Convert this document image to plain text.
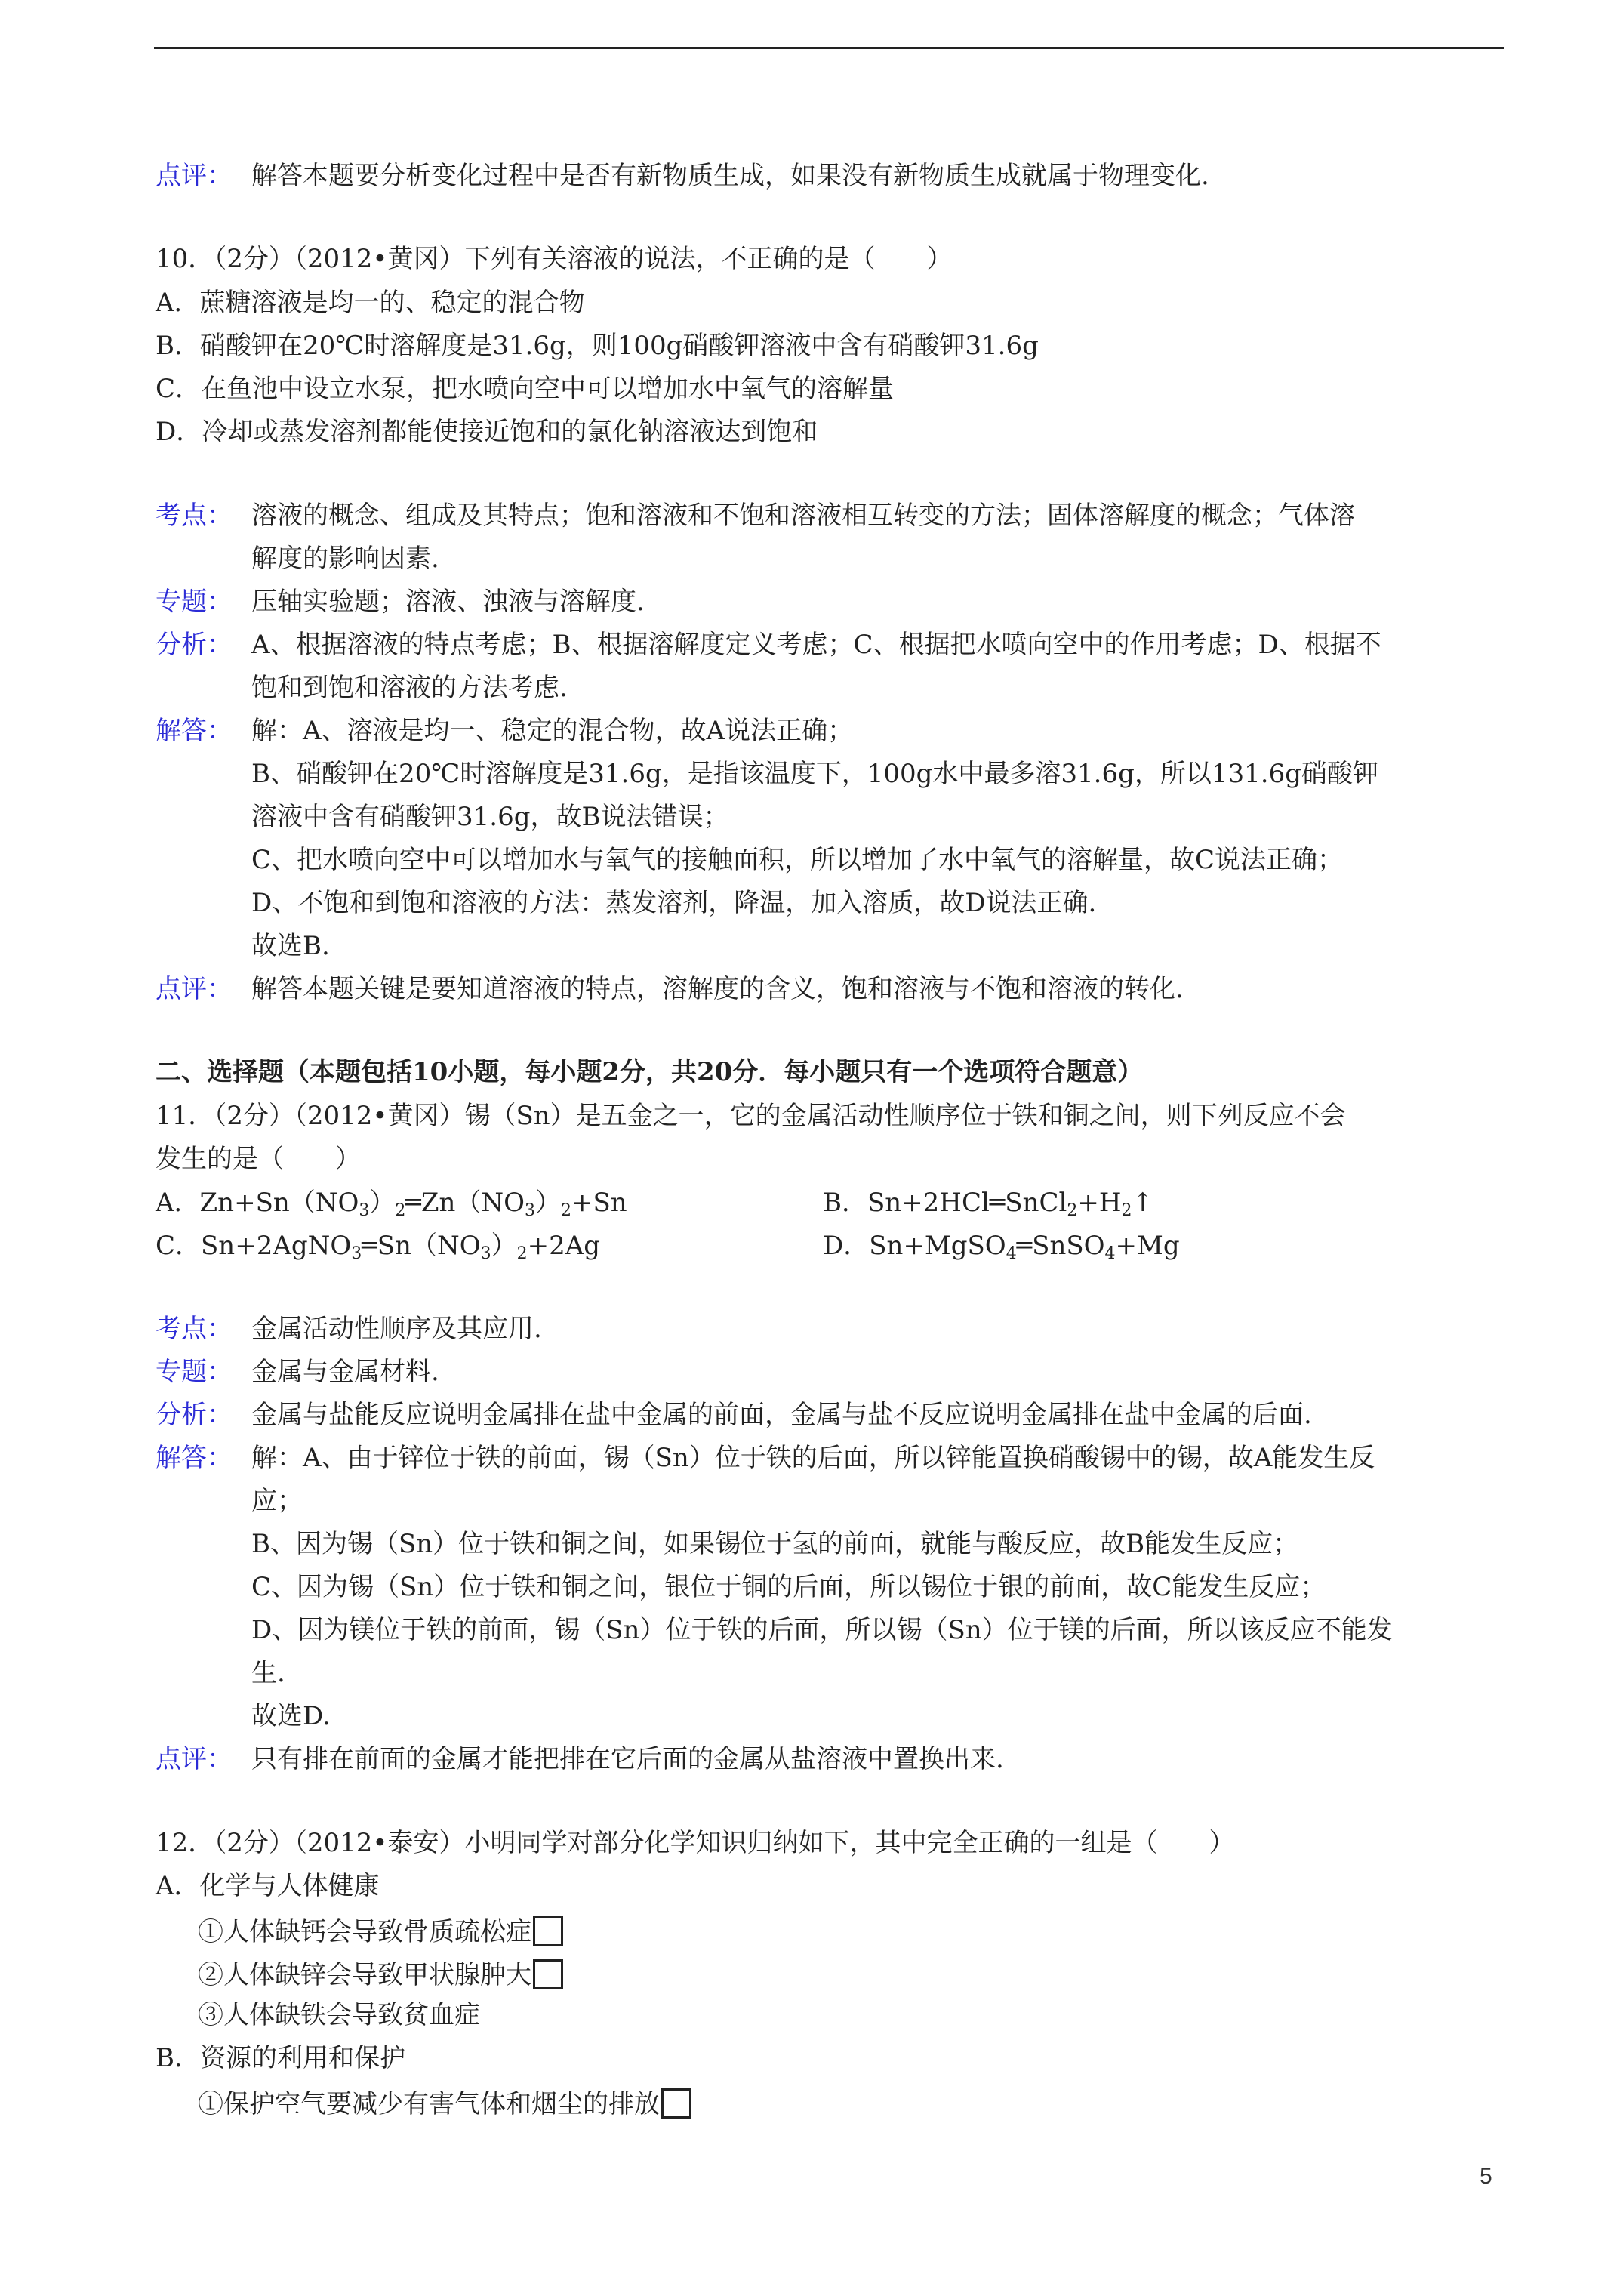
点评： 解答本题要分析变化过程中是否有新物质生成，如果没有新物质生成就属于物理变化.
10．（2分）（2012•黄冈）下列有关溶液的说法，不正确的是（　　）
A．蔗糖溶液是均一的、稳定的混合物
B．硝酸钾在20℃时溶解度是31.6g，则100g硝酸钾溶液中含有硝酸钾31.6g
C．在鱼池中设立水泵，把水喷向空中可以增加水中氧气的溶解量
D．冷却或蒸发溶剂都能使接近饱和的氯化钠溶液达到饱和
考点： 溶液的概念、组成及其特点；饱和溶液和不饱和溶液相互转变的方法；固体溶解度的概念；气体溶
解度的影响因素.
专题： 压轴实验题；溶液、浊液与溶解度.
分析： A、根据溶液的特点考虑；B、根据溶解度定义考虑；C、根据把水喷向空中的作用考虑；D、根据不
饱和到饱和溶液的方法考虑.
解答： 解：A、溶液是均一、稳定的混合物，故A说法正确；
B、硝酸钾在20℃时溶解度是31.6g，是指该温度下，100g水中最多溶31.6g，所以131.6g硝酸钾
溶液中含有硝酸钾31.6g，故B说法错误；
C、把水喷向空中可以增加水与氧气的接触面积，所以增加了水中氧气的溶解量，故C说法正确；
D、不饱和到饱和溶液的方法：蒸发溶剂，降温，加入溶质，故D说法正确.
故选B.
点评： 解答本题关键是要知道溶液的特点，溶解度的含义，饱和溶液与不饱和溶液的转化.
二、选择题（本题包括10小题，每小题2分，共20分．每小题只有一个选项符合题意）
11．（2分）（2012•黄冈）锡（Sn）是五金之一，它的金属活动性顺序位于铁和铜之间，则下列反应不会
发生的是（　　）
A．$Zn+Sn(NO_3)_2═Zn(NO_3)_2+Sn$	B．$Sn+2HCl═SnCl_2+H_2↑$
C．$Sn+2AgNO_3═Sn(NO_3)_2+2Ag$	D．Sn+MgSO$_4$═SnSO$_4$+Mg
考点： 金属活动性顺序及其应用.
专题： 金属与金属材料.
分析： 金属与盐能反应说明金属排在盐中金属的前面，金属与盐不反应说明金属排在盐中金属的后面.
解答： 解：A、由于锌位于铁的前面，锡（Sn）位于铁的后面，所以锌能置换硝酸锡中的锡，故A能发生反
应；
B、因为锡（Sn）位于铁和铜之间，如果锡位于氢的前面，就能与酸反应，故B能发生反应；
C、因为锡（Sn）位于铁和铜之间，银位于铜的后面，所以锡位于银的前面，故C能发生反应；
D、因为镁位于铁的前面，锡（Sn）位于铁的后面，所以锡（Sn）位于镁的后面，所以该反应不能发
生.
故选D.
点评： 只有排在前面的金属才能把排在它后面的金属从盐溶液中置换出来.
12．（2分）（2012•泰安）小明同学对部分化学知识归纳如下，其中完全正确的一组是（　　）
A．化学与人体健康
①人体缺钙会导致骨质疏松症
②人体缺锌会导致甲状腺肿大
③人体缺铁会导致贫血症
B．资源的利用和保护
①保护空气要减少有害气体和烟尘的排放
5
